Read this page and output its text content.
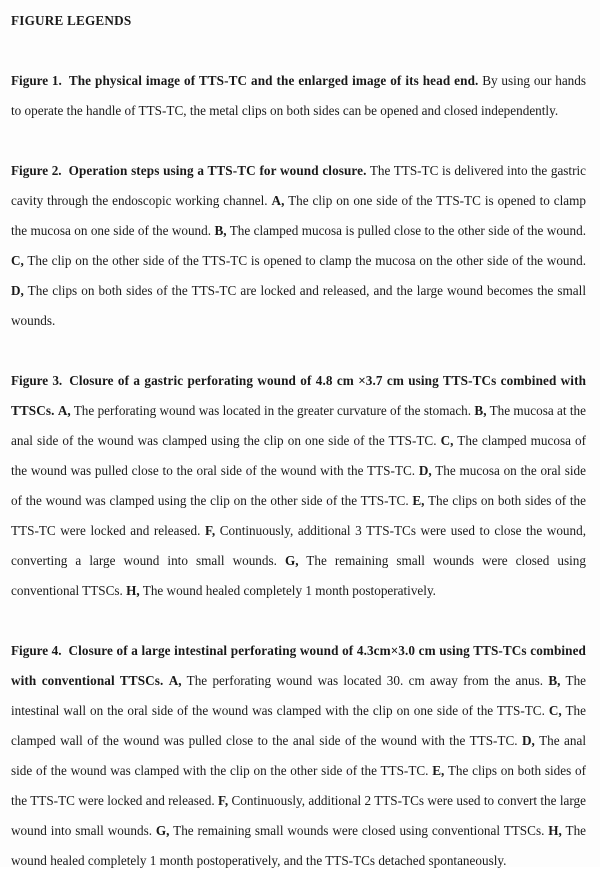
FIGURE LEGENDS

Figure 1. The physical image of TTS-TC and the enlarged image of its head end. By using our hands to operate the handle of TTS-TC, the metal clips on both sides can be opened and closed independently.

Figure 2. Operation steps using a TTS-TC for wound closure. The TTS-TC is delivered into the gastric cavity through the endoscopic working channel. A, The clip on one side of the TTS-TC is opened to clamp the mucosa on one side of the wound. B, The clamped mucosa is pulled close to the other side of the wound. C, The clip on the other side of the TTS-TC is opened to clamp the mucosa on the other side of the wound. D, The clips on both sides of the TTS-TC are locked and released, and the large wound becomes the small wounds.

Figure 3. Closure of a gastric perforating wound of 4.8 cm ×3.7 cm using TTS-TCs combined with TTSCs. A, The perforating wound was located in the greater curvature of the stomach. B, The mucosa at the anal side of the wound was clamped using the clip on one side of the TTS-TC. C, The clamped mucosa of the wound was pulled close to the oral side of the wound with the TTS-TC. D, The mucosa on the oral side of the wound was clamped using the clip on the other side of the TTS-TC. E, The clips on both sides of the TTS-TC were locked and released. F, Continuously, additional 3 TTS-TCs were used to close the wound, converting a large wound into small wounds. G, The remaining small wounds were closed using conventional TTSCs. H, The wound healed completely 1 month postoperatively.

Figure 4. Closure of a large intestinal perforating wound of 4.3cm×3.0 cm using TTS-TCs combined with conventional TTSCs. A, The perforating wound was located 30. cm away from the anus. B, The intestinal wall on the oral side of the wound was clamped with the clip on one side of the TTS-TC. C, The clamped wall of the wound was pulled close to the anal side of the wound with the TTS-TC. D, The anal side of the wound was clamped with the clip on the other side of the TTS-TC. E, The clips on both sides of the TTS-TC were locked and released. F, Continuously, additional 2 TTS-TCs were used to convert the large wound into small wounds. G, The remaining small wounds were closed using conventional TTSCs. H, The wound healed completely 1 month postoperatively, and the TTS-TCs detached spontaneously.
